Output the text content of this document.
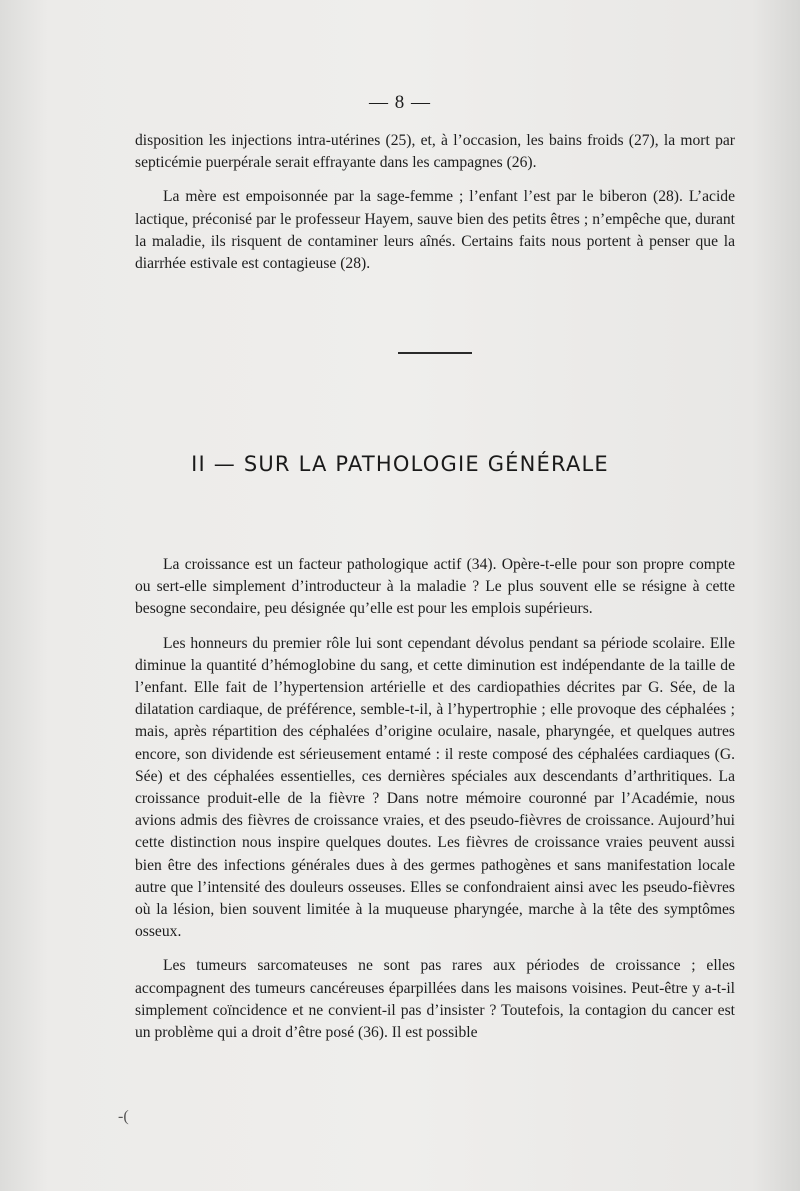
— 8 —

disposition les injections intra-utérines (25), et, à l’occasion, les bains froids (27), la mort par septicémie puerpérale serait effrayante dans les campagnes (26).

La mère est empoisonnée par la sage-femme ; l’enfant l’est par le biberon (28). L’acide lactique, préconisé par le professeur Hayem, sauve bien des petits êtres ; n’empêche que, durant la maladie, ils risquent de contaminer leurs aînés. Certains faits nous portent à penser que la diarrhée estivale est contagieuse (28).

II — SUR LA PATHOLOGIE GÉNÉRALE

La croissance est un facteur pathologique actif (34). Opère-t-elle pour son propre compte ou sert-elle simplement d’introducteur à la maladie ? Le plus souvent elle se résigne à cette besogne secondaire, peu désignée qu’elle est pour les emplois supérieurs.

Les honneurs du premier rôle lui sont cependant dévolus pendant sa période scolaire. Elle diminue la quantité d’hémoglobine du sang, et cette diminution est indépendante de la taille de l’enfant. Elle fait de l’hypertension artérielle et des cardiopathies décrites par G. Sée, de la dilatation cardiaque, de préférence, semble-t-il, à l’hypertrophie ; elle provoque des céphalées ; mais, après répartition des céphalées d’origine oculaire, nasale, pharyngée, et quelques autres encore, son dividende est sérieusement entamé : il reste composé des céphalées cardiaques (G. Sée) et des céphalées essentielles, ces dernières spéciales aux descendants d’arthritiques. La croissance produit-elle de la fièvre ? Dans notre mémoire couronné par l’Académie, nous avions admis des fièvres de croissance vraies, et des pseudo-fièvres de croissance. Aujourd’hui cette distinction nous inspire quelques doutes. Les fièvres de croissance vraies peuvent aussi bien être des infections générales dues à des germes pathogènes et sans manifestation locale autre que l’intensité des douleurs osseuses. Elles se confondraient ainsi avec les pseudo-fièvres où la lésion, bien souvent limitée à la muqueuse pharyngée, marche à la tête des symptômes osseux.

Les tumeurs sarcomateuses ne sont pas rares aux périodes de croissance ; elles accompagnent des tumeurs cancéreuses éparpillées dans les maisons voisines. Peut-être y a-t-il simplement coïncidence et ne convient-il pas d’insister ? Toutefois, la contagion du cancer est un problème qui a droit d’être posé (36). Il est possible

-(
